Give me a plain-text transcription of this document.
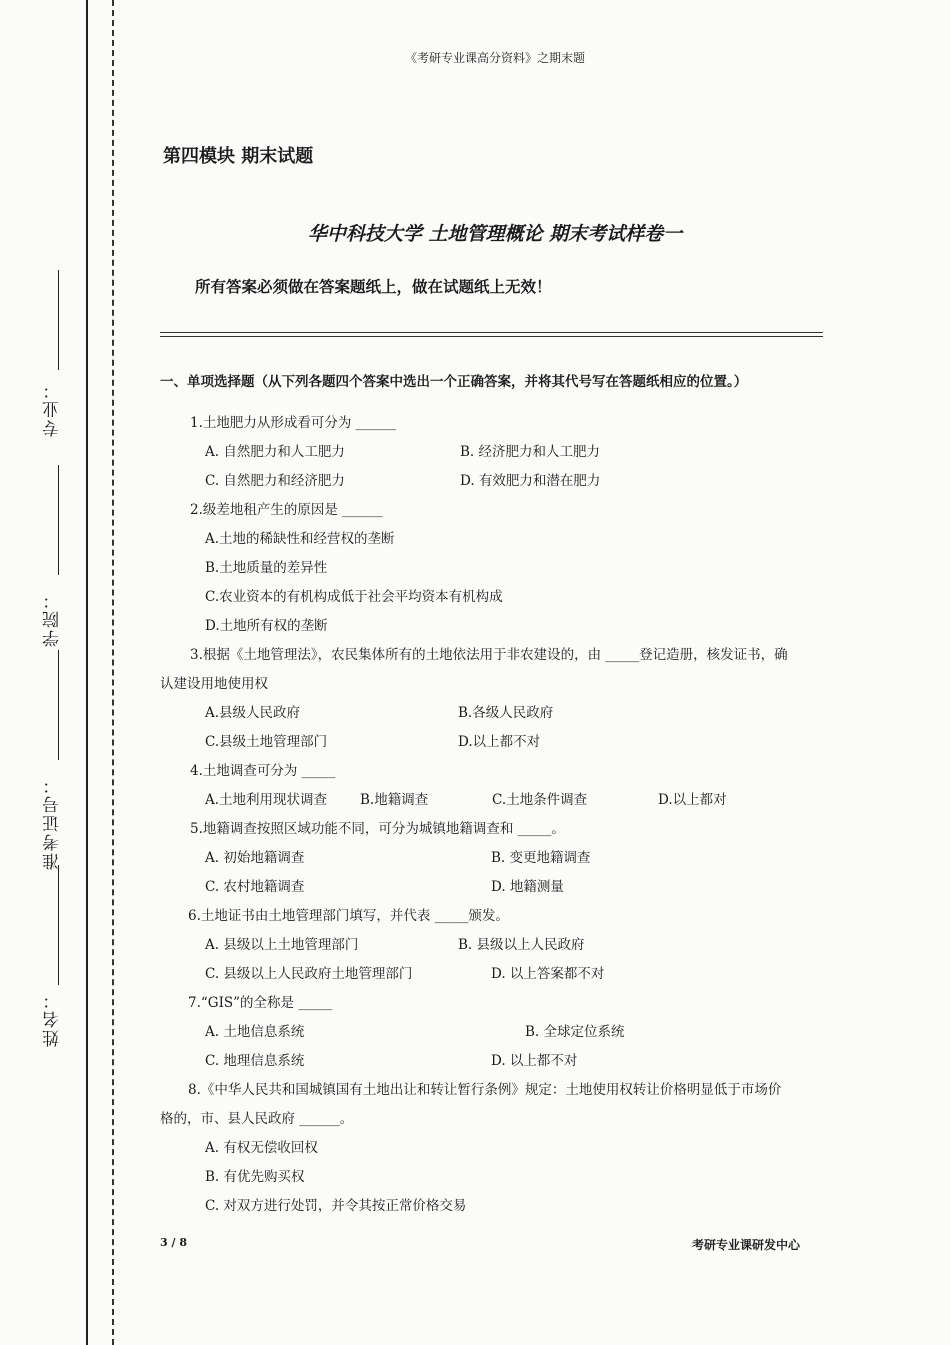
专业：
学院：
准考证号：
姓名：
《考研专业课高分资料》之期末题
第四模块 期末试题
华中科技大学 土地管理概论 期末考试样卷一
所有答案必须做在答案题纸上，做在试题纸上无效！
一、单项选择题（从下列各题四个答案中选出一个正确答案，并将其代号写在答题纸相应的位置。）
1.土地肥力从形成看可分为 ______
A. 自然肥力和人工肥力	B. 经济肥力和人工肥力
C. 自然肥力和经济肥力	D. 有效肥力和潜在肥力
2.级差地租产生的原因是 ______
A.土地的稀缺性和经营权的垄断
B.土地质量的差异性
C.农业资本的有机构成低于社会平均资本有机构成
D.土地所有权的垄断
3.根据《土地管理法》，农民集体所有的土地依法用于非农建设的，由 _____登记造册，核发证书，确
认建设用地使用权
A.县级人民政府	B.各级人民政府
C.县级土地管理部门	D.以上都不对
4.土地调查可分为 _____
A.土地利用现状调查 B.地籍调查	C.土地条件调查	D.以上都对
5.地籍调查按照区域功能不同，可分为城镇地籍调查和 _____。
A. 初始地籍调查	B. 变更地籍调查
C. 农村地籍调查	D. 地籍测量
6.土地证书由土地管理部门填写，并代表 _____颁发。
A. 县级以上土地管理部门	B. 县级以上人民政府
C. 县级以上人民政府土地管理部门	D. 以上答案都不对
7.“GIS”的全称是 _____
A. 土地信息系统	B. 全球定位系统
C. 地理信息系统	D. 以上都不对
8.《中华人民共和国城镇国有土地出让和转让暂行条例》规定：土地使用权转让价格明显低于市场价
格的，市、县人民政府 ______。
A. 有权无偿收回权
B. 有优先购买权
C. 对双方进行处罚，并令其按正常价格交易
3 / 8	考研专业课研发中心
